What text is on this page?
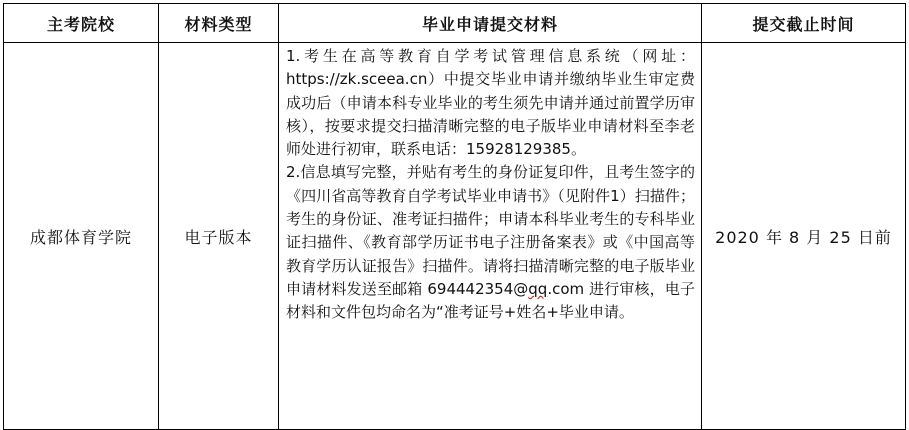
主考院校	材料类型	毕业申请提交材料	提交截止时间
成都体育学院	电子版本	1.考生在高等教育自学考试管理信息系统（网址：https://zk.sceea.cn）中提交毕业申请并缴纳毕业生审定费成功后（申请本科专业毕业的考生须先申请并通过前置学历审核），按要求提交扫描清晰完整的电子版毕业申请材料至李老师处进行初审，联系电话：15928129385。

2.信息填写完整，并贴有考生的身份证复印件，且考生签字的《四川省高等教育自学考试毕业申请书》（见附件1）扫描件；考生的身份证、准考证扫描件；申请本科毕业考生的专科毕业证扫描件、《教育部学历证书电子注册备案表》或《中国高等教育学历认证报告》扫描件。请将扫描清晰完整的电子版毕业申请材料发送至邮箱 694442354@qq.com 进行审核，电子材料和文件包均命名为“准考证号+姓名+毕业申请。	2020 年 8 月 25 日前
